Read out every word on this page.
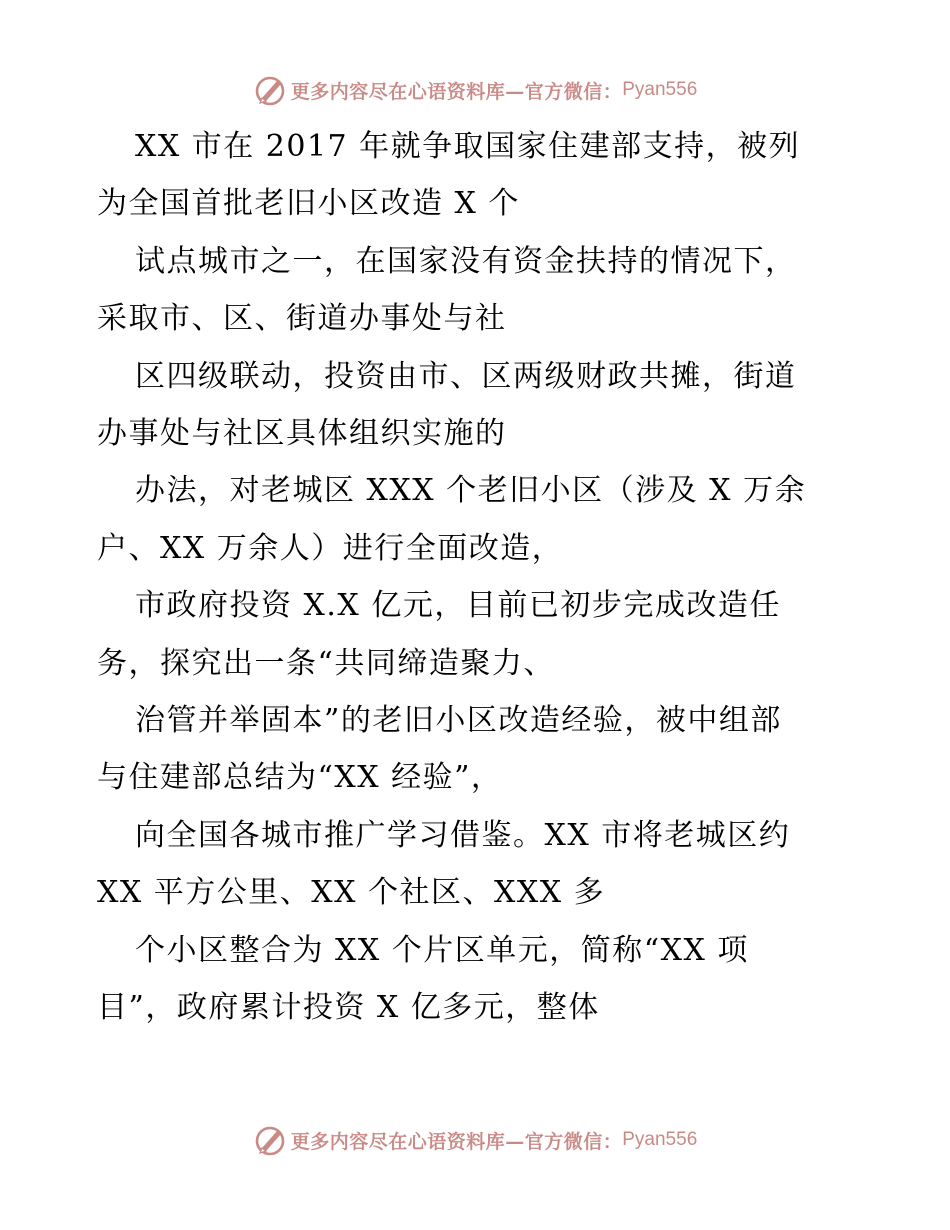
更多内容尽在心语资料库—官方微信： Pyan556
XX 市在 2017 年就争取国家住建部支持，被列
为全国首批老旧小区改造 X 个
试点城市之一，在国家没有资金扶持的情况下，
采取市、区、街道办事处与社
区四级联动，投资由市、区两级财政共摊，街道
办事处与社区具体组织实施的
办法，对老城区 XXX 个老旧小区（涉及 X 万余
户、XX 万余人）进行全面改造，
市政府投资 X.X 亿元，目前已初步完成改造任
务，探究出一条“共同缔造聚力、
治管并举固本”的老旧小区改造经验，被中组部
与住建部总结为“XX 经验”，
向全国各城市推广学习借鉴。XX 市将老城区约
XX 平方公里、XX 个社区、XXX 多
个小区整合为 XX 个片区单元，简称“XX 项
目”，政府累计投资 X 亿多元，整体
更多内容尽在心语资料库—官方微信： Pyan556
